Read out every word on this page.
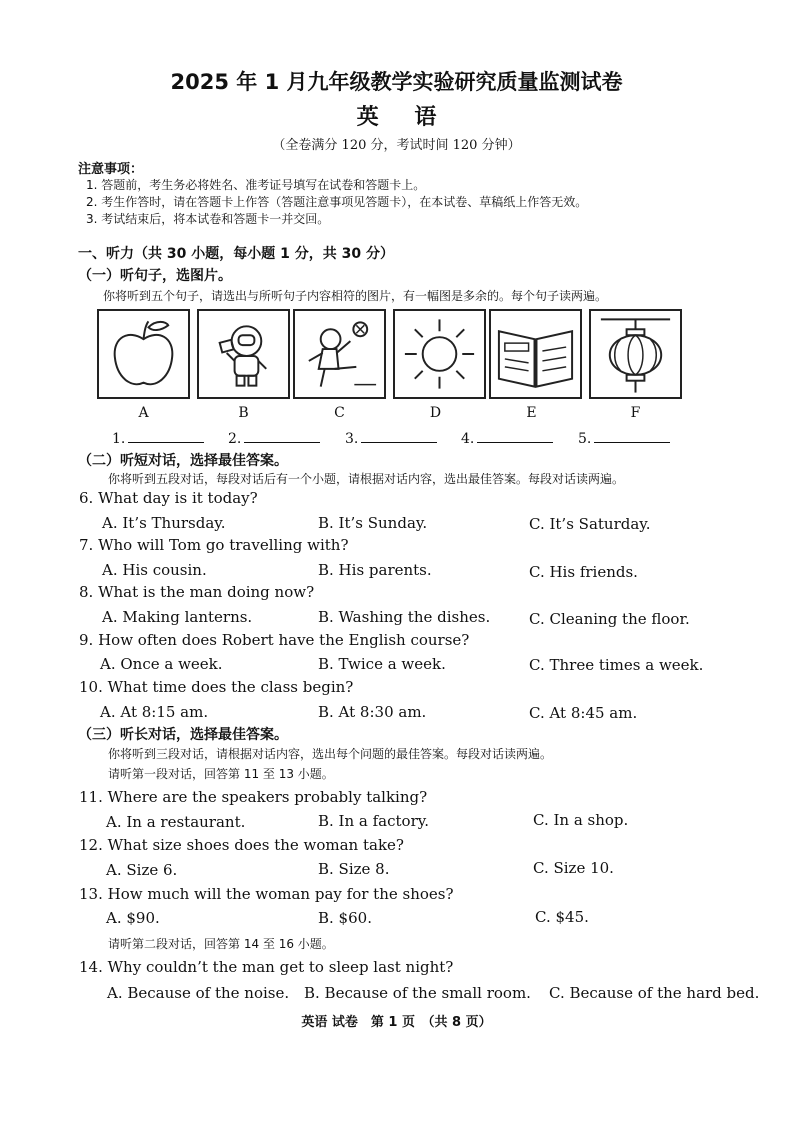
2025 年 1 月九年级教学实验研究质量监测试卷
英 语
（全卷满分 120 分，考试时间 120 分钟）
注意事项：
1. 答题前，考生务必将姓名、准考证号填写在试卷和答题卡上。
2. 考生作答时，请在答题卡上作答（答题注意事项见答题卡），在本试卷、草稿纸上作答无效。
3. 考试结束后，将本试卷和答题卡一并交回。
一、听力（共 30 小题，每小题 1 分，共 30 分）
（一）听句子，选图片。
你将听到五个句子，请选出与所听句子内容相符的图片，有一幅图是多余的。每个句子读两遍。
A	B	C	D	E	F
1.	2.	3.	4.	5.
（二）听短对话，选择最佳答案。
你将听到五段对话，每段对话后有一个小题，请根据对话内容，选出最佳答案。每段对话读两遍。
6. What day is it today?
A. It’s Thursday.	B. It’s Sunday.	C. It’s Saturday.
7. Who will Tom go travelling with?
A. His cousin.	B. His parents.	C. His friends.
8. What is the man doing now?
A. Making lanterns.	B. Washing the dishes.	C. Cleaning the floor.
9. How often does Robert have the English course?
A. Once a week.	B. Twice a week.	C. Three times a week.
10. What time does the class begin?
A. At 8:15 am.	B. At 8:30 am.	C. At 8:45 am.
（三）听长对话，选择最佳答案。
你将听到三段对话，请根据对话内容，选出每个问题的最佳答案。每段对话读两遍。
请听第一段对话，回答第 11 至 13 小题。
11. Where are the speakers probably talking?
A. In a restaurant.	B. In a factory.	C. In a shop.
12. What size shoes does the woman take?
A. Size 6.	B. Size 8.	C. Size 10.
13. How much will the woman pay for the shoes?
A. $90.	B. $60.	C. $45.
请听第二段对话，回答第 14 至 16 小题。
14. Why couldn’t the man get to sleep last night?
A. Because of the noise. B. Because of the small room. C. Because of the hard bed.
英语 试卷　第 1 页　（共 8 页）
